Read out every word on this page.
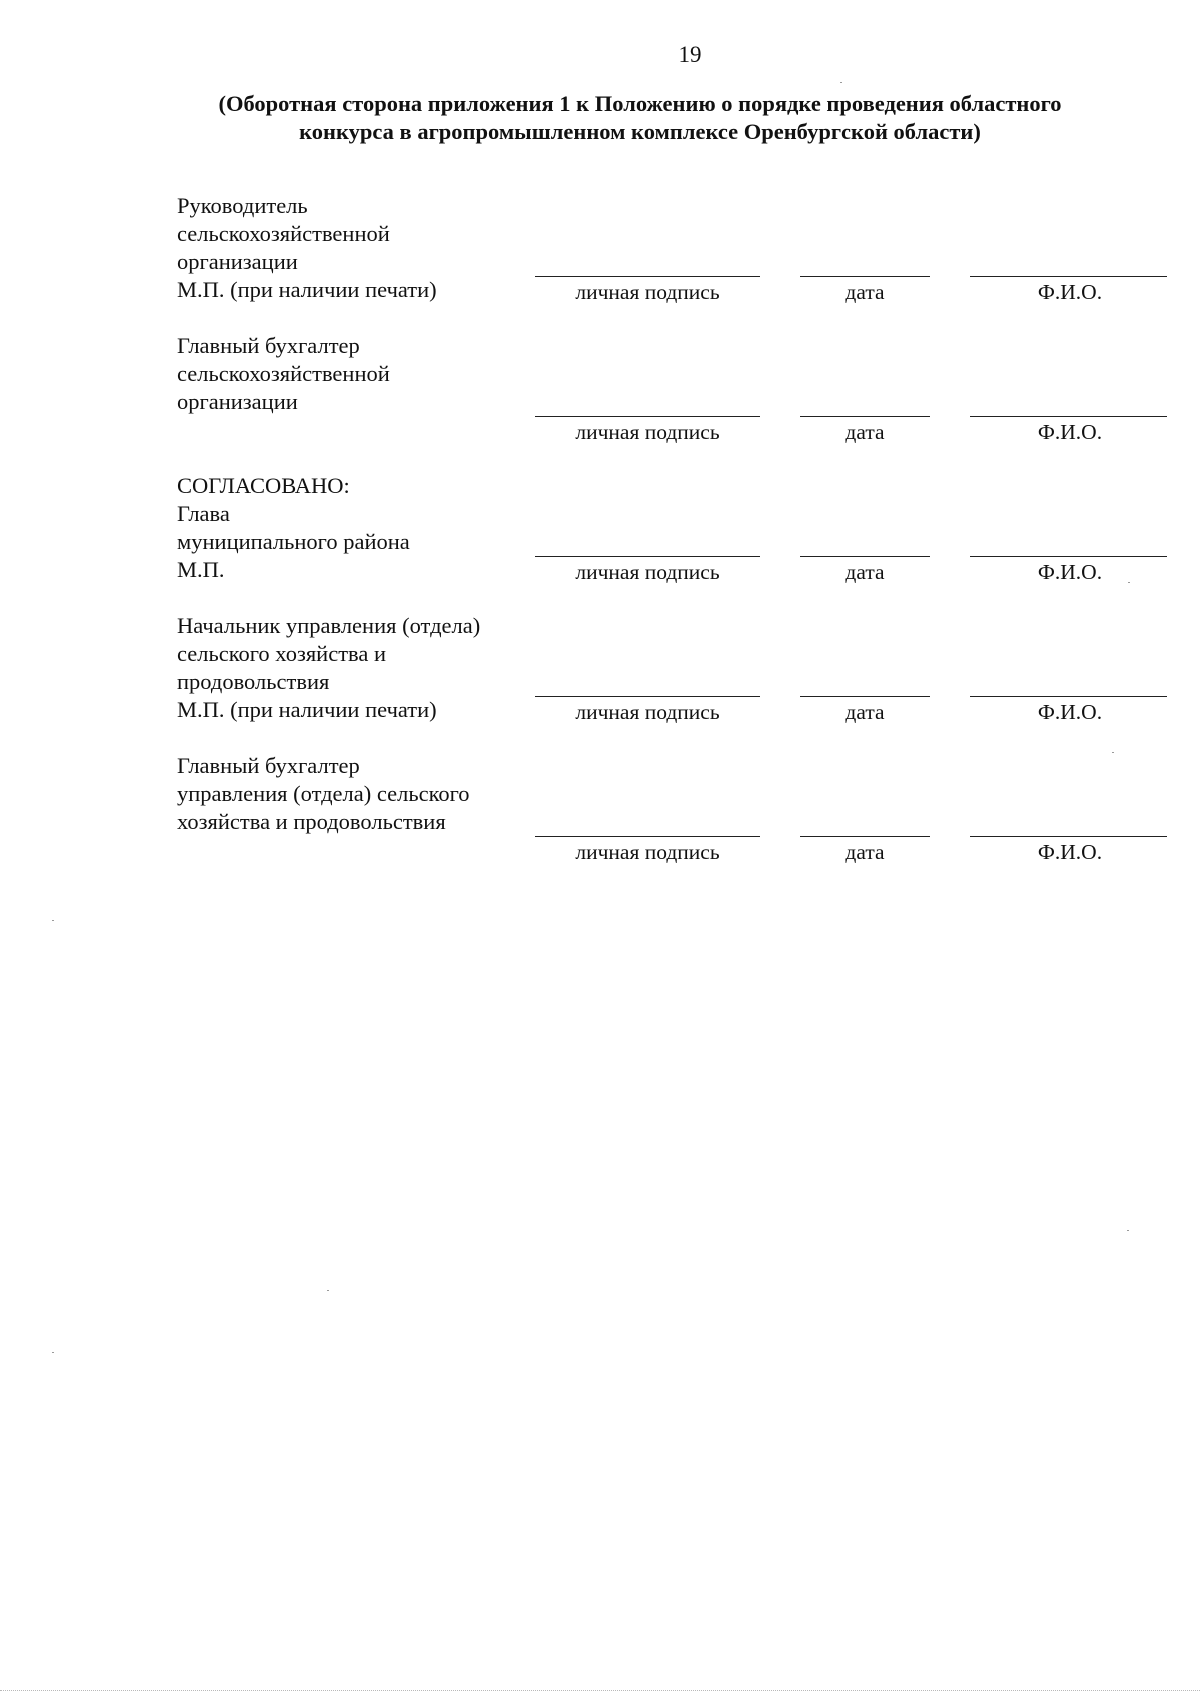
19
(Оборотная сторона приложения 1 к Положению о порядке проведения областного
конкурса в агропромышленном комплексе Оренбургской области)
Руководитель
сельскохозяйственной
организации
М.П. (при наличии печати)	личная подпись	дата	Ф.И.О.
Главный бухгалтер
сельскохозяйственной
организации
личная подпись	дата	Ф.И.О.
СОГЛАСОВАНО:
Глава
муниципального района
М.П.	личная подпись	дата	Ф.И.О.
Начальник управления (отдела)
сельского хозяйства и
продовольствия
М.П. (при наличии печати)	личная подпись	дата	Ф.И.О.
Главный бухгалтер
управления (отдела) сельского
хозяйства и продовольствия
личная подпись	дата	Ф.И.О.
